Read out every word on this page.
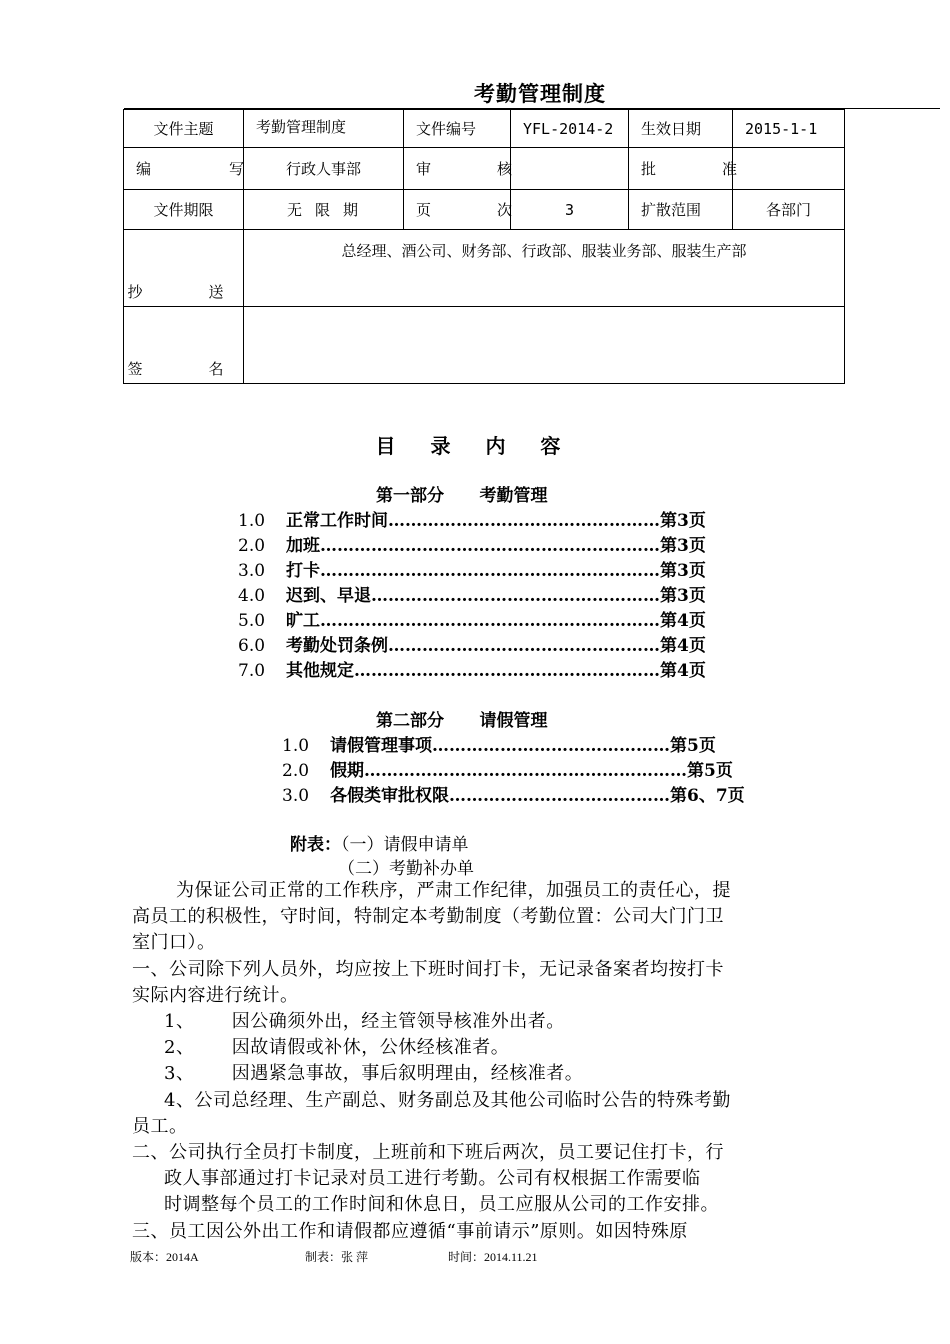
考勤管理制度
文件主题	考勤管理制度	文件编号	YFL-2014-2	生效日期	2015-1-1
编  写	行政人事部	审  核		批  准	
文件期限	无 限 期	页  次	3	扩散范围	各部门
抄  送	总经理、酒公司、财务部、行政部、服装业务部、服装生产部				
签  名					
目 录 内 容
第一部分      考勤管理
1.0 正常工作时间…………………………………………第3页
2.0 加班……………………………………………………第3页
3.0 打卡……………………………………………………第3页
4.0 迟到、早退……………………………………………第3页
5.0 旷工……………………………………………………第4页
6.0 考勤处罚条例…………………………………………第4页
7.0 其他规定………………………………………………第4页
第二部分      请假管理
1.0 请假管理事项……………………………………第5页
2.0 假期…………………………………………………第5页
3.0 各假类审批权限…………………………………第6、7页
附表：（一）请假申请单
（二）考勤补办单
为保证公司正常的工作秩序，严肃工作纪律，加强员工的责任心，提
高员工的积极性，守时间，特制定本考勤制度（考勤位置：公司大门门卫
室门口）。
一、公司除下列人员外，均应按上下班时间打卡，无记录备案者均按打卡
实际内容进行统计。
1、      因公确须外出，经主管领导核准外出者。
2、      因故请假或补休，公休经核准者。
3、      因遇紧急事故，事后叙明理由，经核准者。
4、公司总经理、生产副总、财务副总及其他公司临时公告的特殊考勤
员工。
二、公司执行全员打卡制度，上班前和下班后两次，员工要记住打卡，行
政人事部通过打卡记录对员工进行考勤。公司有权根据工作需要临
时调整每个员工的工作时间和休息日，员工应服从公司的工作安排。
三、员工因公外出工作和请假都应遵循“事前请示”原则。如因特殊原
版本：2014A	制表：张 萍	时间：2014.11.21
